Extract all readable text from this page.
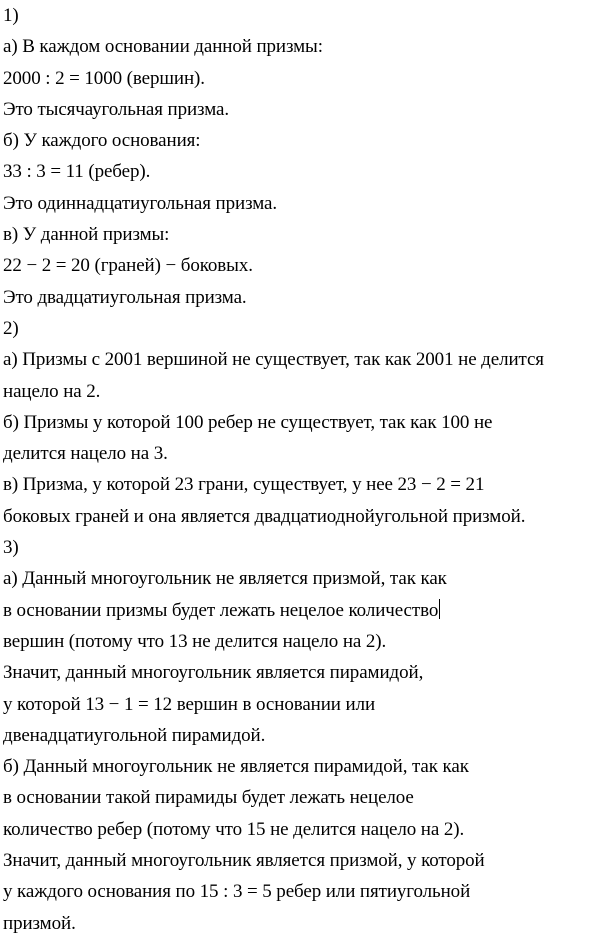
1)
а) В каждом основании данной призмы:
2000 : 2 = 1000 (вершин).
Это тысячаугольная призма.
б) У каждого основания:
33 : 3 = 11 (ребер).
Это одиннадцатиугольная призма.
в) У данной призмы:
22 − 2 = 20 (граней) − боковых.
Это двадцатиугольная призма.
2)
а) Призмы с 2001 вершиной не существует, так как 2001 не делится
нацело на 2.
б) Призмы у которой 100 ребер не существует, так как 100 не
делится нацело на 3.
в) Призма, у которой 23 грани, существует, у нее 23 − 2 = 21
боковых граней и она является двадцатиоднойугольной призмой.
3)
а) Данный многоугольник не является призмой, так как
в основании призмы будет лежать нецелое количество
вершин (потому что 13 не делится нацело на 2).
Значит, данный многоугольник является пирамидой,
у которой 13 − 1 = 12 вершин в основании или
двенадцатиугольной пирамидой.
б) Данный многоугольник не является пирамидой, так как
в основании такой пирамиды будет лежать нецелое
количество ребер (потому что 15 не делится нацело на 2).
Значит, данный многоугольник является призмой, у которой
у каждого основания по 15 : 3 = 5 ребер или пятиугольной
призмой.
